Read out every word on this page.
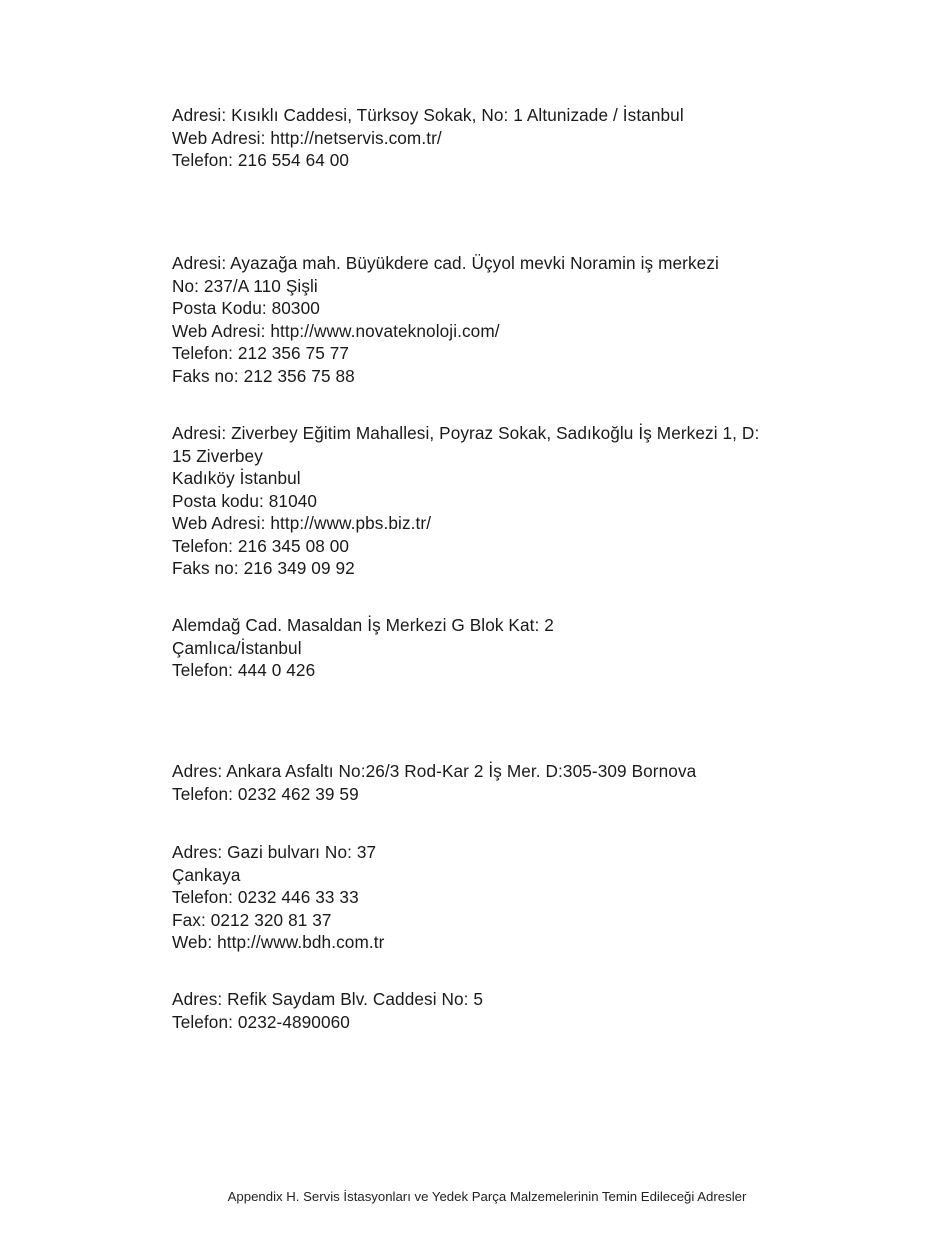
Adresi: Kısıklı Caddesi, Türksoy Sokak, No: 1 Altunizade / İstanbul
Web Adresi: http://netservis.com.tr/
Telefon: 216 554 64 00
Adresi: Ayazağa mah. Büyükdere cad. Üçyol mevki Noramin iş merkezi
No: 237/A 110 Şişli
Posta Kodu: 80300
Web Adresi: http://www.novateknoloji.com/
Telefon: 212 356 75 77
Faks no: 212 356 75 88
Adresi: Ziverbey Eğitim Mahallesi, Poyraz Sokak, Sadıkoğlu İş Merkezi 1, D:
15 Ziverbey
Kadıköy İstanbul
Posta kodu: 81040
Web Adresi: http://www.pbs.biz.tr/
Telefon: 216 345 08 00
Faks no: 216 349 09 92
Alemdağ Cad. Masaldan İş Merkezi G Blok Kat: 2
Çamlıca/İstanbul
Telefon: 444 0 426
Adres: Ankara Asfaltı No:26/3 Rod-Kar 2 İş Mer. D:305-309 Bornova
Telefon: 0232 462 39 59
Adres: Gazi bulvarı No: 37
Çankaya
Telefon: 0232 446 33 33
Fax: 0212 320 81 37
Web: http://www.bdh.com.tr
Adres: Refik Saydam Blv. Caddesi No: 5
Telefon: 0232-4890060
Appendix H. Servis İstasyonları ve Yedek Parça Malzemelerinin Temin Edileceği Adresler
